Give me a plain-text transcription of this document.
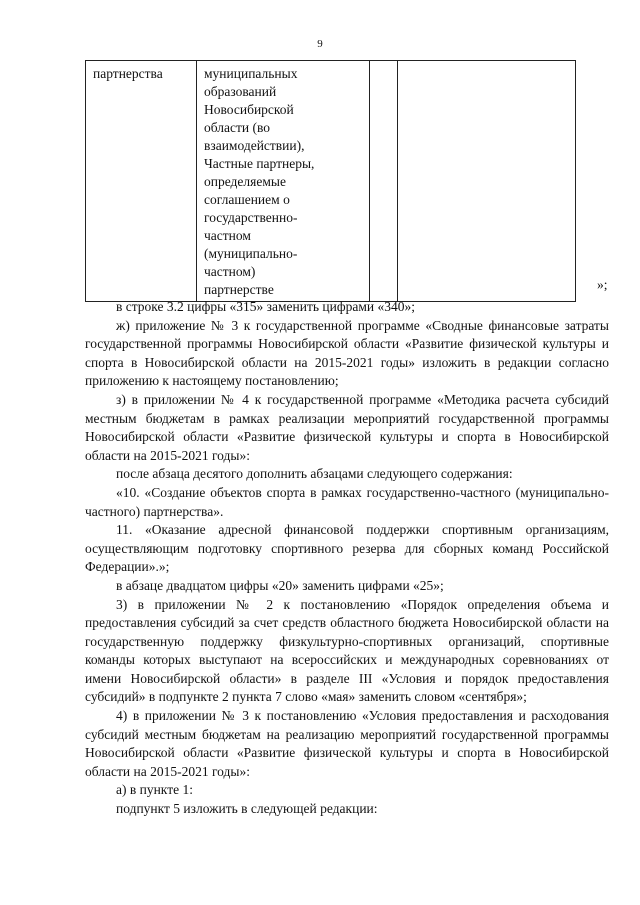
9
партнерства	муниципальных
образований
Новосибирской
области (во
взаимодействии),
Частные партнеры,
определяемые
соглашением о
государственно-
частном
(муниципально-
частном)
партнерстве
			»;

в строке 3.2 цифры «315» заменить цифрами «340»;

ж) приложение № 3 к государственной программе «Сводные финансовые затраты государственной программы Новосибирской области «Развитие физической культуры и спорта в Новосибирской области на 2015-2021 годы» изложить в редакции согласно приложению к настоящему постановлению;

з) в приложении № 4 к государственной программе «Методика расчета субсидий местным бюджетам в рамках реализации мероприятий государственной программы Новосибирской области «Развитие физической культуры и спорта в Новосибирской области на 2015-2021 годы»:

после абзаца десятого дополнить абзацами следующего содержания:

«10. «Создание объектов спорта в рамках государственно-частного (муниципально-частного) партнерства».

11. «Оказание адресной финансовой поддержки спортивным организациям, осуществляющим подготовку спортивного резерва для сборных команд Российской Федерации».»;

в абзаце двадцатом цифры «20» заменить цифрами «25»;

3) в приложении № 2 к постановлению «Порядок определения объема и предоставления субсидий за счет средств областного бюджета Новосибирской области на государственную поддержку физкультурно-спортивных организаций, спортивные команды которых выступают на всероссийских и международных соревнованиях от имени Новосибирской области» в разделе III «Условия и порядок предоставления субсидий» в подпункте 2 пункта 7 слово «мая» заменить словом «сентября»;

4) в приложении № 3 к постановлению «Условия предоставления и расходования субсидий местным бюджетам на реализацию мероприятий государственной программы Новосибирской области «Развитие физической культуры и спорта в Новосибирской области на 2015-2021 годы»:

а) в пункте 1:

подпункт 5 изложить в следующей редакции:
